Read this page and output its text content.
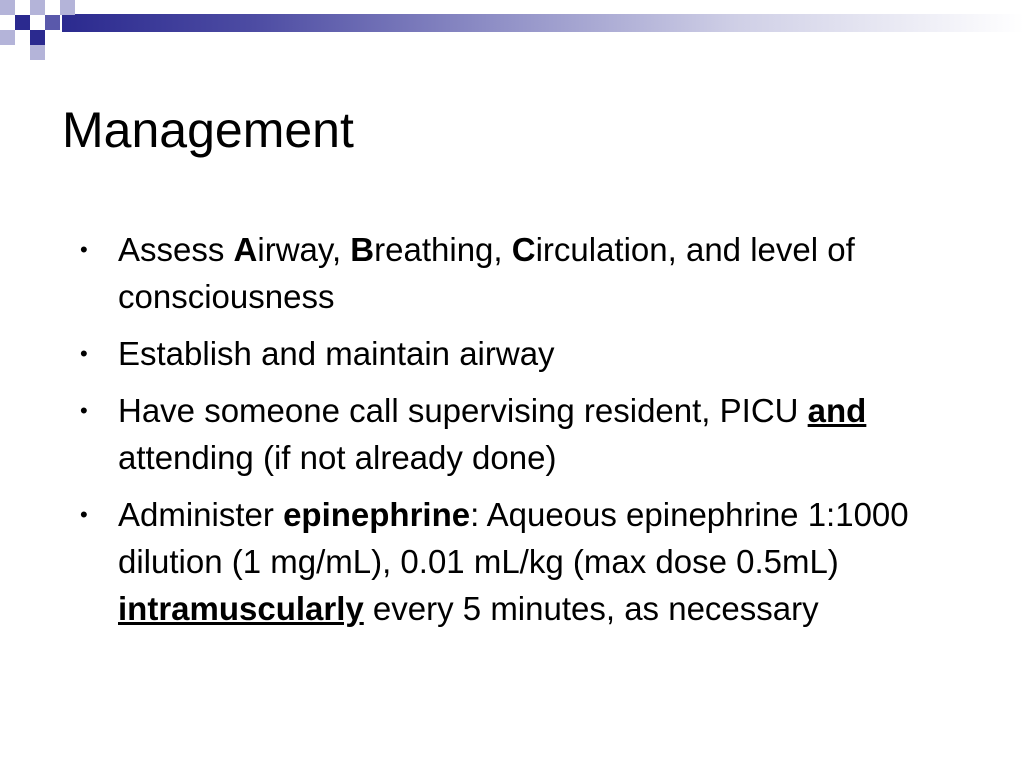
Management
• Assess Airway, Breathing, Circulation, and level of consciousness
• Establish and maintain airway
• Have someone call supervising resident, PICU and attending (if not already done)
• Administer epinephrine: Aqueous epinephrine 1:1000 dilution (1 mg/mL), 0.01 mL/kg (max dose 0.5mL) intramuscularly every 5 minutes, as necessary
